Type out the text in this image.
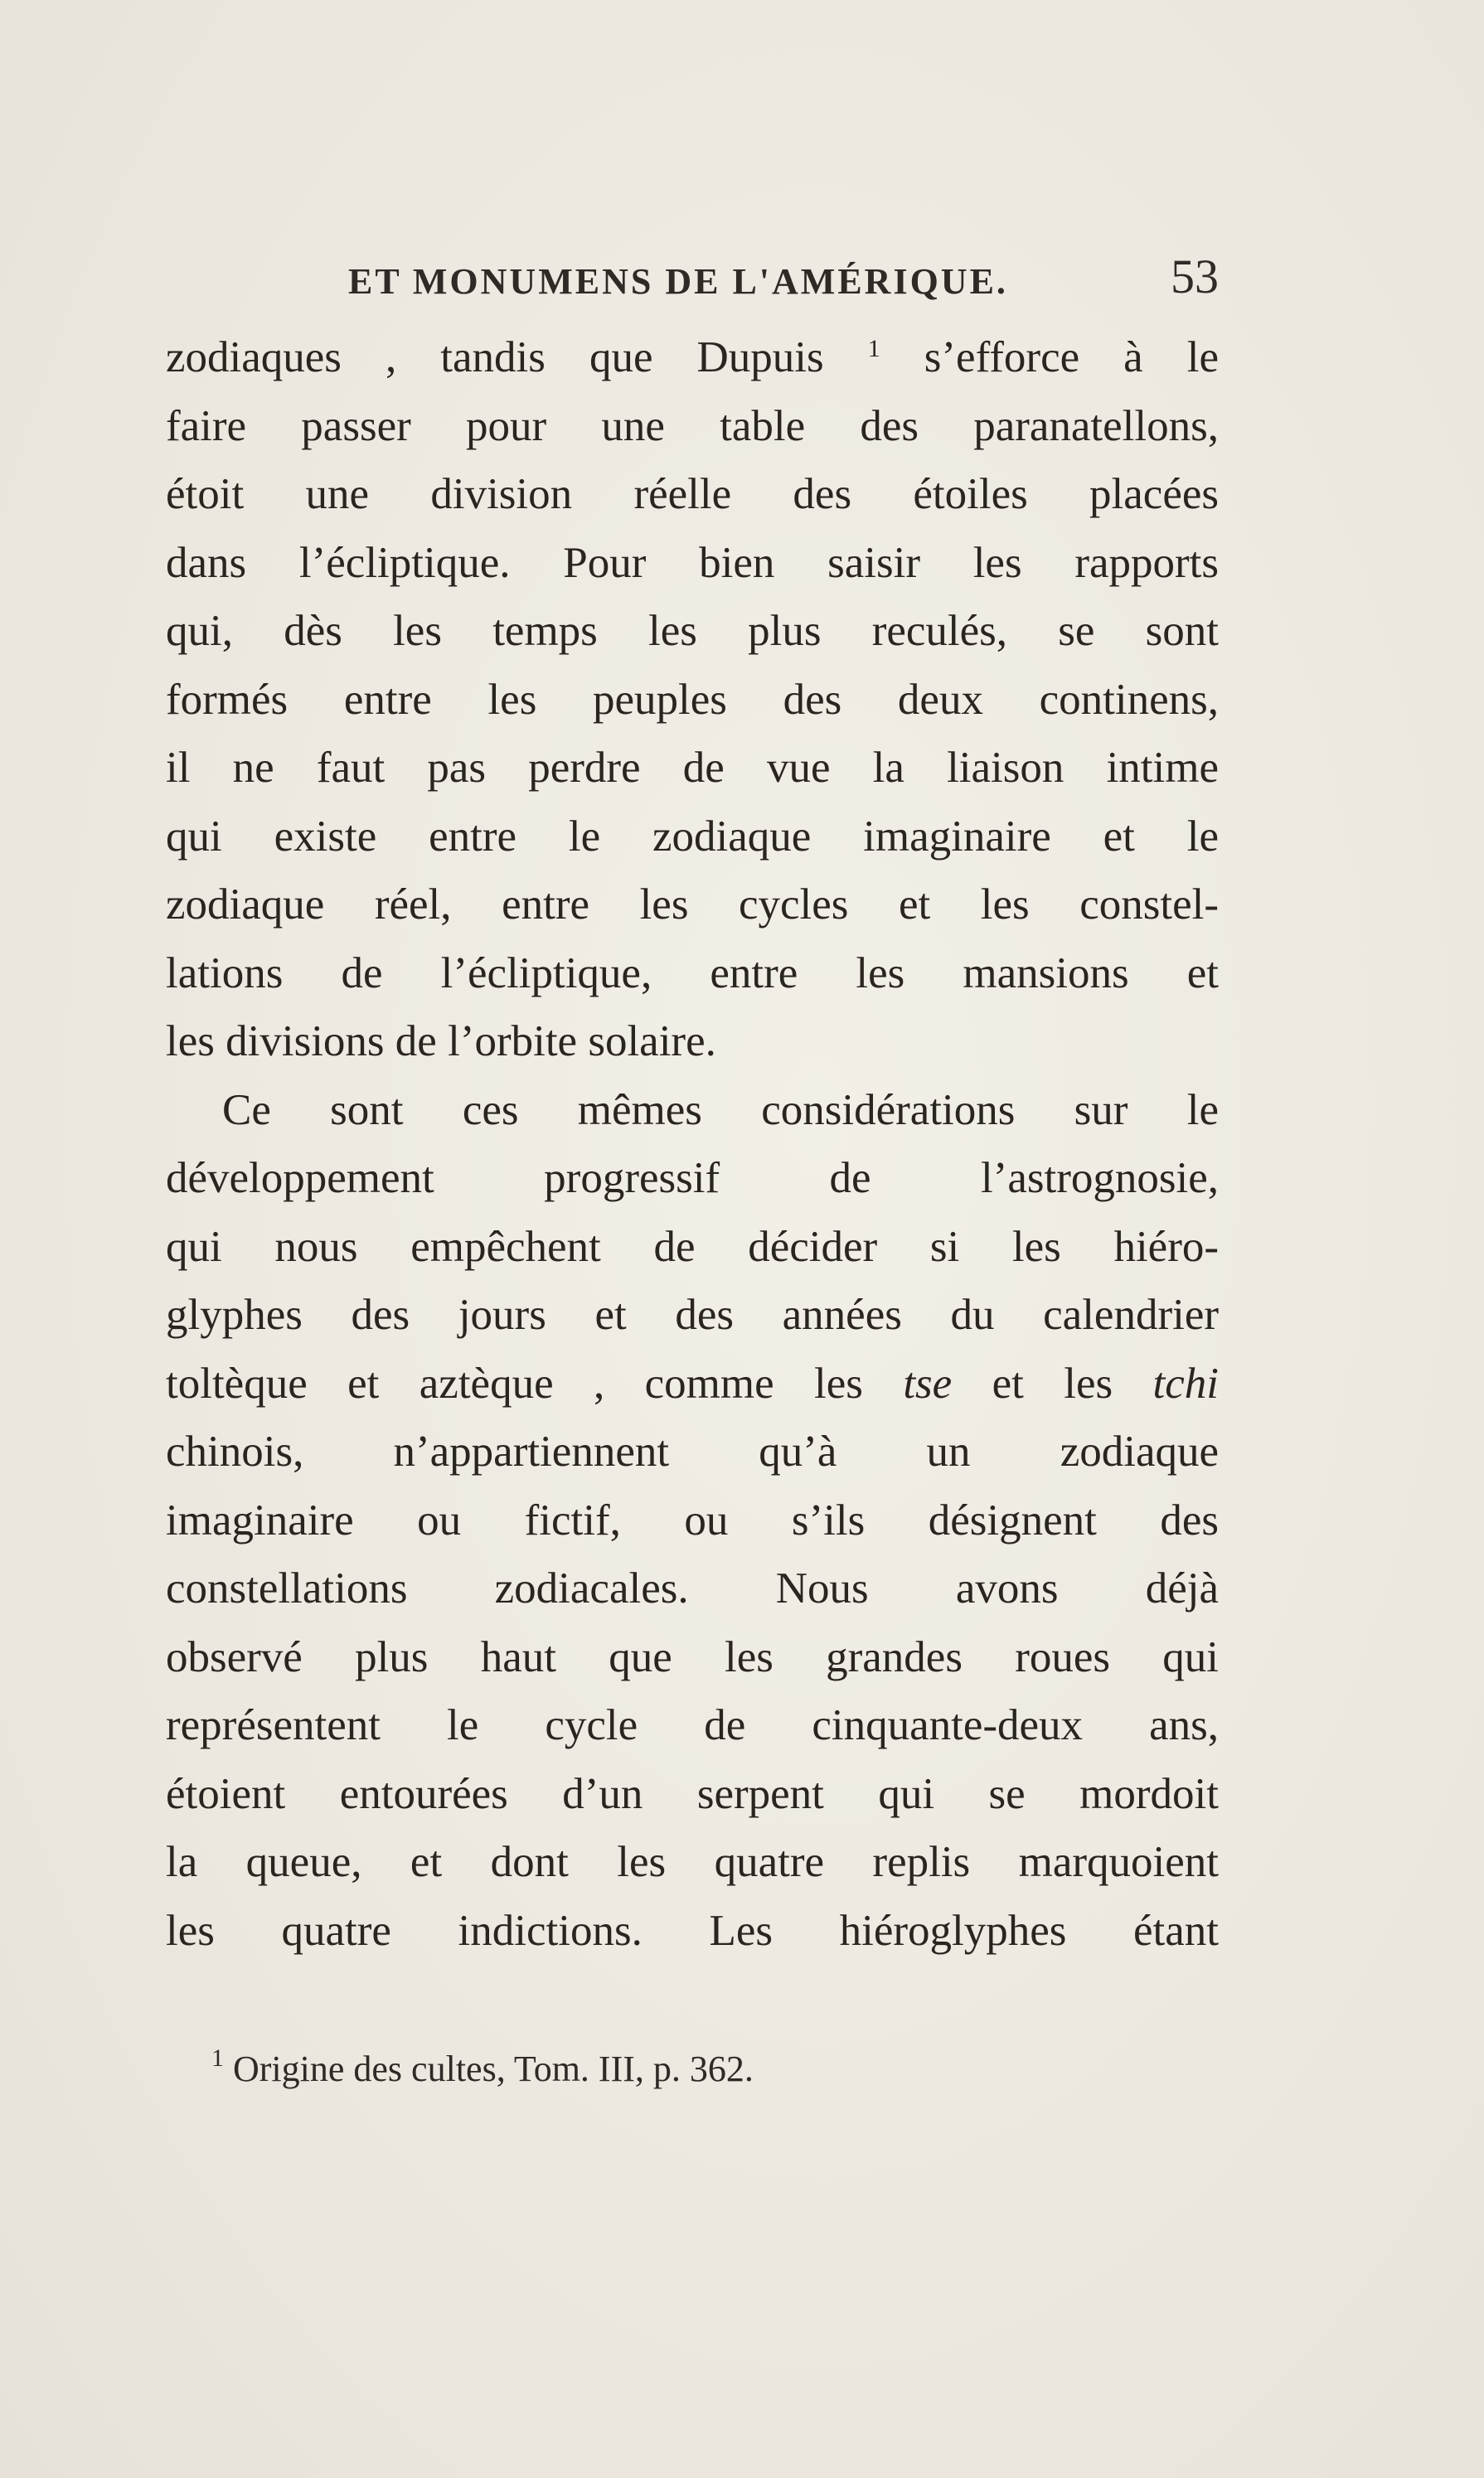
ET MONUMENS DE L'AMÉRIQUE.	53
zodiaques , tandis que Dupuis $^1$ s’efforce à le
faire passer pour une table des paranatellons,
étoit une division réelle des étoiles placées
dans l’écliptique. Pour bien saisir les rapports
qui, dès les temps les plus reculés, se sont
formés entre les peuples des deux continens,
il ne faut pas perdre de vue la liaison intime
qui existe entre le zodiaque imaginaire et le
zodiaque réel, entre les cycles et les constel-
lations de l’écliptique, entre les mansions et
les divisions de l’orbite solaire.
Ce sont ces mêmes considérations sur le
développement progressif de l’astrognosie,
qui nous empêchent de décider si les hiéro-
glyphes des jours et des années du calendrier
toltèque et aztèque , comme les tse et les tchi
chinois, n’appartiennent qu’à un zodiaque
imaginaire ou fictif, ou s’ils désignent des
constellations zodiacales. Nous avons déjà
observé plus haut que les grandes roues qui
représentent le cycle de cinquante-deux ans,
étoient entourées d’un serpent qui se mordoit
la queue, et dont les quatre replis marquoient
les quatre indictions. Les hiéroglyphes étant
$^1$ Origine des cultes, Tom. III, p. 362.
